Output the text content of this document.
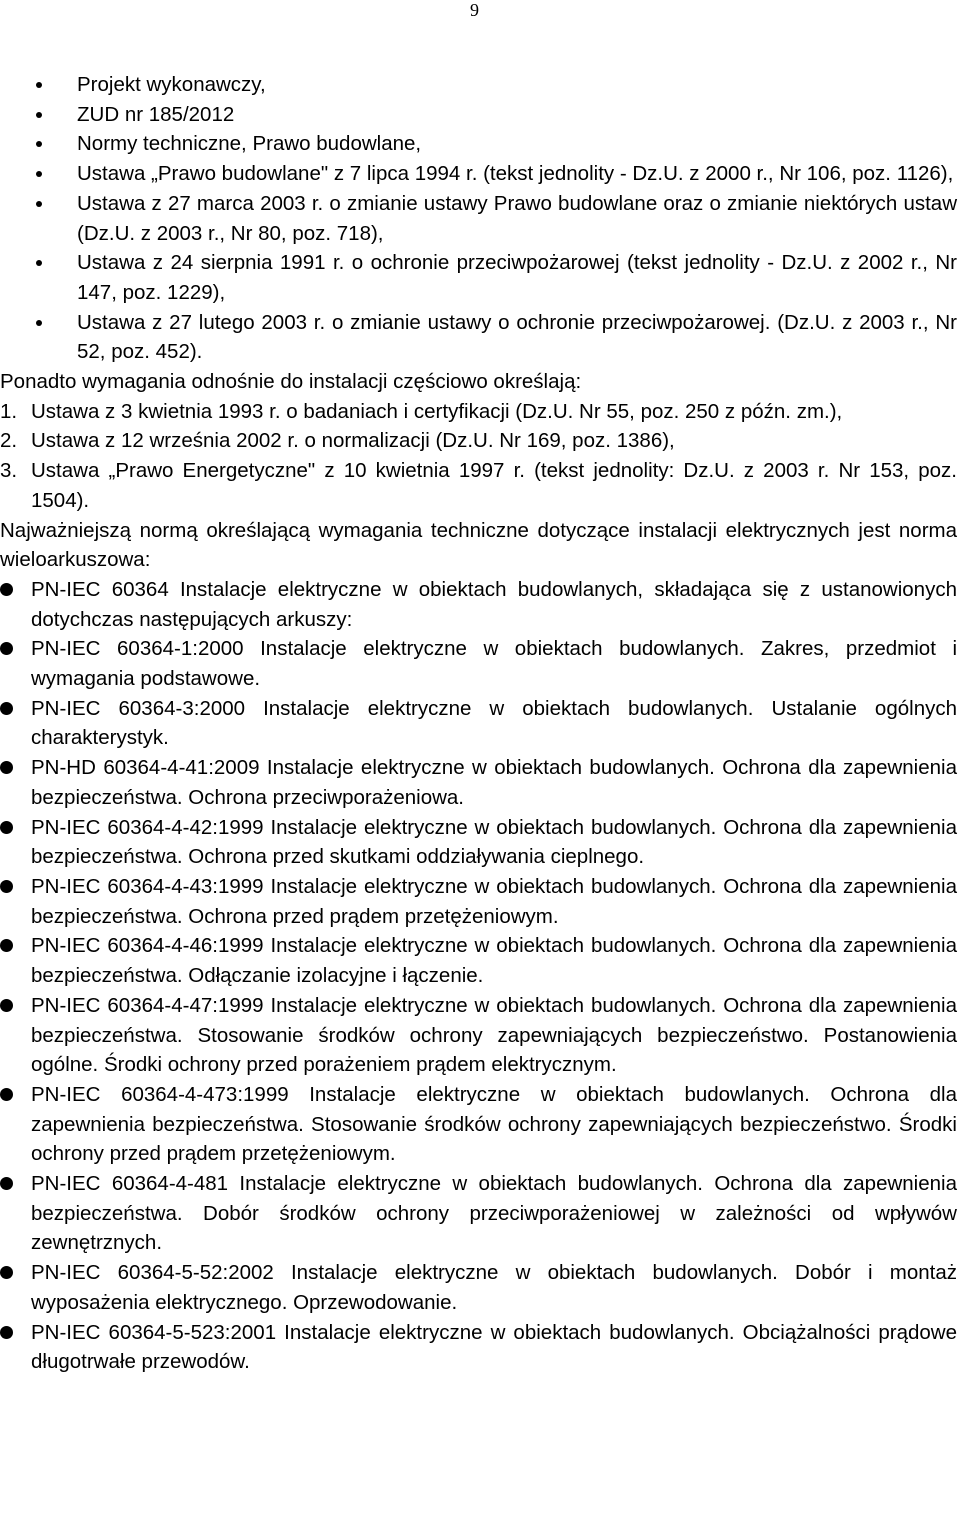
9
Projekt wykonawczy,
ZUD nr 185/2012
Normy techniczne, Prawo budowlane,
Ustawa „Prawo budowlane" z 7 lipca 1994 r. (tekst jednolity - Dz.U. z 2000 r., Nr 106, poz. 1126),
Ustawa z 27 marca 2003 r. o zmianie ustawy Prawo budowlane oraz o zmianie niektórych ustaw (Dz.U. z 2003 r., Nr 80, poz. 718),
Ustawa z 24 sierpnia 1991 r. o ochronie przeciwpożarowej (tekst jednolity - Dz.U. z 2002 r., Nr 147, poz. 1229),
Ustawa z 27 lutego 2003 r. o zmianie ustawy o ochronie przeciwpożarowej. (Dz.U. z 2003 r., Nr 52, poz. 452).

Ponadto wymagania odnośnie do instalacji częściowo określają:

1. Ustawa z 3 kwietnia 1993 r. o badaniach i certyfikacji (Dz.U. Nr 55, poz. 250 z późn. zm.),
2. Ustawa z 12 września 2002 r. o normalizacji (Dz.U. Nr 169, poz. 1386),
3. Ustawa „Prawo Energetyczne" z 10 kwietnia 1997 r. (tekst jednolity: Dz.U. z 2003 r. Nr 153, poz. 1504).

Najważniejszą normą określającą wymagania techniczne dotyczące instalacji elektrycznych jest norma wieloarkuszowa:

PN-IEC 60364 Instalacje elektryczne w obiektach budowlanych, składająca się z ustanowionych dotychczas następujących arkuszy:
PN-IEC 60364-1:2000 Instalacje elektryczne w obiektach budowlanych. Zakres, przedmiot i wymagania podstawowe.
PN-IEC 60364-3:2000 Instalacje elektryczne w obiektach budowlanych. Ustalanie ogólnych charakterystyk.
PN-HD 60364-4-41:2009 Instalacje elektryczne w obiektach budowlanych. Ochrona dla zapewnienia bezpieczeństwa. Ochrona przeciwporażeniowa.
PN-IEC 60364-4-42:1999 Instalacje elektryczne w obiektach budowlanych. Ochrona dla zapewnienia bezpieczeństwa. Ochrona przed skutkami oddziaływania cieplnego.
PN-IEC 60364-4-43:1999 Instalacje elektryczne w obiektach budowlanych. Ochrona dla zapewnienia bezpieczeństwa. Ochrona przed prądem przetężeniowym.
PN-IEC 60364-4-46:1999 Instalacje elektryczne w obiektach budowlanych. Ochrona dla zapewnienia bezpieczeństwa. Odłączanie izolacyjne i łączenie.
PN-IEC 60364-4-47:1999 Instalacje elektryczne w obiektach budowlanych. Ochrona dla zapewnienia bezpieczeństwa. Stosowanie środków ochrony zapewniających bezpieczeństwo. Postanowienia ogólne. Środki ochrony przed porażeniem prądem elektrycznym.
PN-IEC 60364-4-473:1999 Instalacje elektryczne w obiektach budowlanych. Ochrona dla zapewnienia bezpieczeństwa. Stosowanie środków ochrony zapewniających bezpieczeństwo. Środki ochrony przed prądem przetężeniowym.
PN-IEC 60364-4-481 Instalacje elektryczne w obiektach budowlanych. Ochrona dla zapewnienia bezpieczeństwa. Dobór środków ochrony przeciwporażeniowej w zależności od wpływów zewnętrznych.
PN-IEC 60364-5-52:2002 Instalacje elektryczne w obiektach budowlanych. Dobór i montaż wyposażenia elektrycznego. Oprzewodowanie.
PN-IEC 60364-5-523:2001 Instalacje elektryczne w obiektach budowlanych. Obciążalności prądowe długotrwałe przewodów.
